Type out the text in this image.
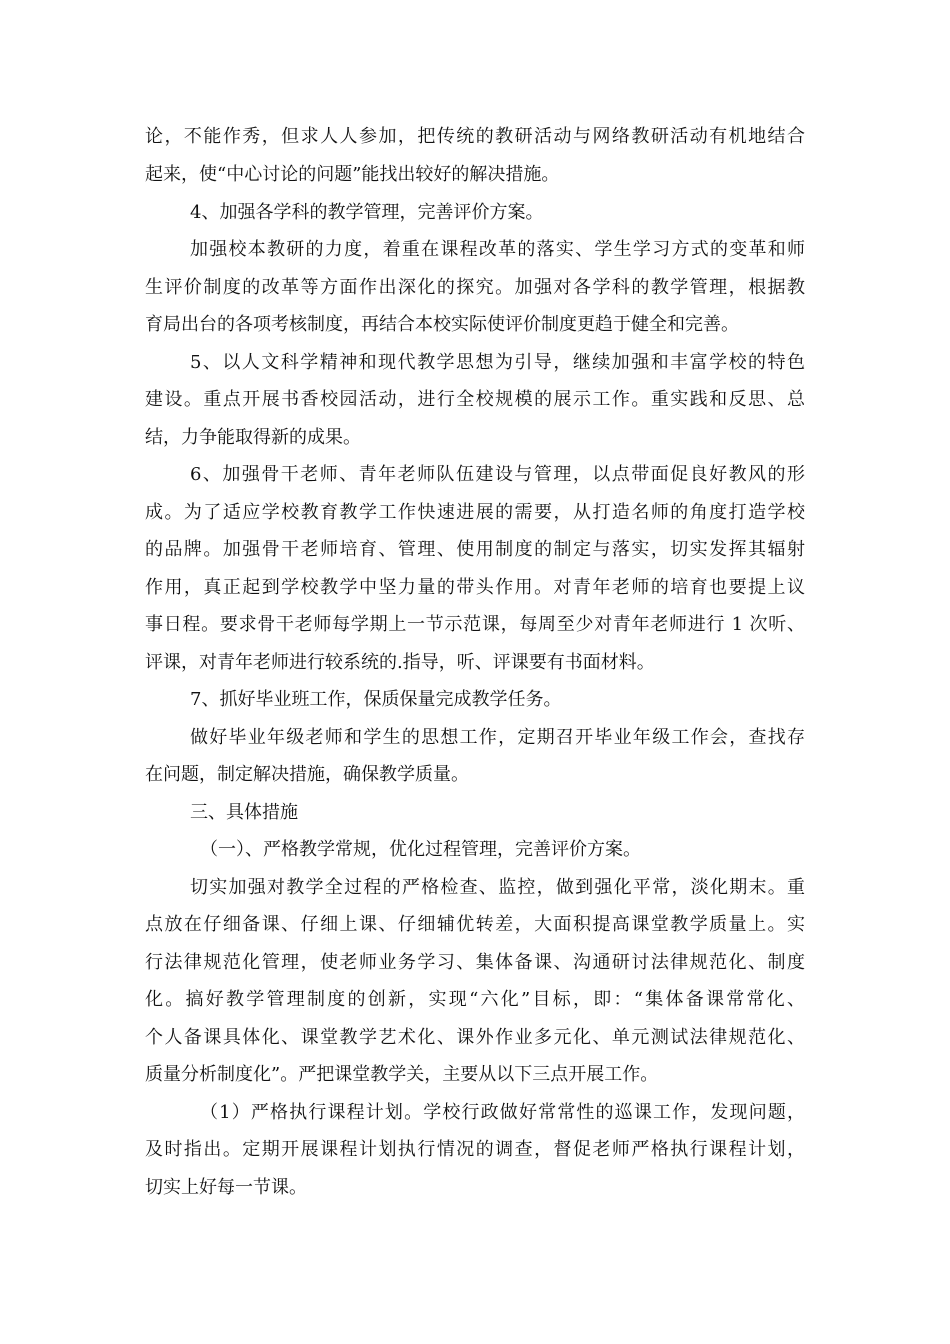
论，不能作秀，但求人人参加，把传统的教研活动与网络教研活动有机地结合
起来，使“中心讨论的问题”能找出较好的解决措施。
4、加强各学科的教学管理，完善评价方案。
加强校本教研的力度，着重在课程改革的落实、学生学习方式的变革和师
生评价制度的改革等方面作出深化的探究。加强对各学科的教学管理，根据教
育局出台的各项考核制度，再结合本校实际使评价制度更趋于健全和完善。
5、以人文科学精神和现代教学思想为引导，继续加强和丰富学校的特色
建设。重点开展书香校园活动，进行全校规模的展示工作。重实践和反思、总
结，力争能取得新的成果。
6、加强骨干老师、青年老师队伍建设与管理，以点带面促良好教风的形
成。为了适应学校教育教学工作快速进展的需要，从打造名师的角度打造学校
的品牌。加强骨干老师培育、管理、使用制度的制定与落实，切实发挥其辐射
作用，真正起到学校教学中坚力量的带头作用。对青年老师的培育也要提上议
事日程。要求骨干老师每学期上一节示范课，每周至少对青年老师进行 1 次听、
评课，对青年老师进行较系统的.指导，听、评课要有书面材料。
7、抓好毕业班工作，保质保量完成教学任务。
做好毕业年级老师和学生的思想工作，定期召开毕业年级工作会，查找存
在问题，制定解决措施，确保教学质量。
三、具体措施
（一）、严格教学常规，优化过程管理，完善评价方案。
切实加强对教学全过程的严格检查、监控，做到强化平常，淡化期末。重
点放在仔细备课、仔细上课、仔细辅优转差，大面积提高课堂教学质量上。实
行法律规范化管理，使老师业务学习、集体备课、沟通研讨法律规范化、制度
化。搞好教学管理制度的创新，实现“六化”目标，即：“集体备课常常化、
个人备课具体化、课堂教学艺术化、课外作业多元化、单元测试法律规范化、
质量分析制度化”。严把课堂教学关，主要从以下三点开展工作。
（1）严格执行课程计划。学校行政做好常常性的巡课工作，发现问题，
及时指出。定期开展课程计划执行情况的调查，督促老师严格执行课程计划，
切实上好每一节课。
